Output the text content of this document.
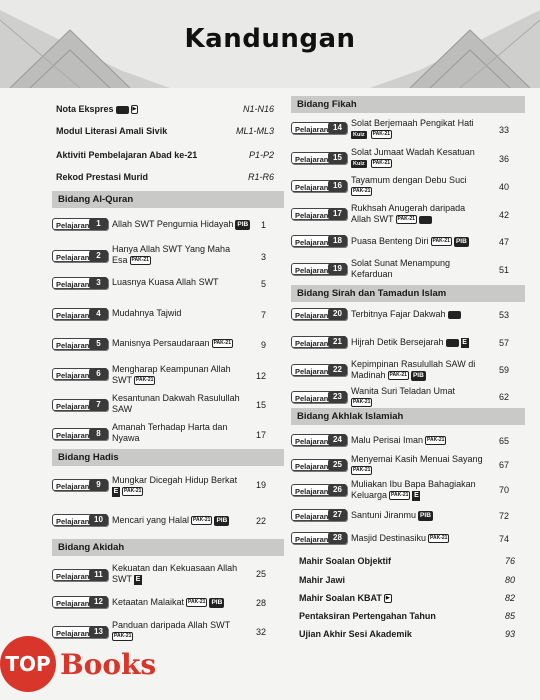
Kandungan
Nota Ekspres	▶	N1-N16
Modul Literasi Amali Sivik	ML1-ML3
Aktiviti Pembelajaran Abad ke-21	P1-P2
Rekod Prestasi Murid	R1-R6
Bidang Al-Quran
Pelajaran 1	Allah SWT Pengurnia Hidayah PIB 1
Pelajaran 2
Hanya Allah SWT Yang Maha
Esa PAK-21	3
Pelajaran 3	Luasnya Kuasa Allah SWT	5
Pelajaran 4	Mudahnya Tajwid	7
Pelajaran 5	Manisnya Persaudaraan PAK-21	9
Pelajaran 6	Mengharap Keampunan Allah
SWT PAK-21	12
Pelajaran 7
Kesantunan Dakwah Rasulullah
SAW	15
Pelajaran 8
Amanah Terhadap Harta dan
Nyawa	17
Bidang Hadis
Pelajaran 9	Mungkar Dicegah Hidup Berkat
E PAK-21
19
Pelajaran 10	Mencari yang Halal PAK-21 PIB	22
Bidang Akidah
Pelajaran 11
Kekuatan dan Kekuasaan Allah
SWT E
25
Pelajaran 12	Ketaatan Malaikat PAK-21 PIB	28
Pelajaran 13
Panduan daripada Allah SWT
PAK-21	32
Bidang Fikah
Pelajaran 14	Solat Berjemaah Pengikat Hati
Kuiz PAK-21	33
Pelajaran 15
Solat Jumaat Wadah Kesatuan
Kuiz PAK-21	36
Pelajaran 16
Tayamum dengan Debu Suci
PAK-21	40
Pelajaran 17
Rukhsah Anugerah daripada
Allah SWT PAK-21	42
Pelajaran 18	Puasa Benteng Diri PAK-21 PIB	47
Pelajaran 19
Solat Sunat Menampung
Kefarduan	51
Bidang Sirah dan Tamadun Islam
Pelajaran 20	Terbitnya Fajar Dakwah	53
Pelajaran 21	Hijrah Detik Bersejarah	E	57
Pelajaran 22
Kepimpinan Rasulullah SAW di
Madinah PAK-21 PIB
59
Pelajaran 23
Wanita Suri Teladan Umat
PAK-21
62
Bidang Akhlak Islamiah
Pelajaran 24	Malu Perisai Iman PAK-21	65
Pelajaran 25
Menyemai Kasih Menuai Sayang
PAK-21
67
Pelajaran 26
Muliakan Ibu Bapa Bahagiakan
Keluarga PAK-21 E
70
Pelajaran 27	Santuni Jiranmu PIB	72
Pelajaran 28	Masjid Destinasiku PAK-21	74
Mahir Soalan Objektif	76
Mahir Jawi	80
Mahir Soalan KBAT ▶	82
Pentaksiran Pertengahan Tahun	85
Ujian Akhir Sesi Akademik	93
TOP Books
